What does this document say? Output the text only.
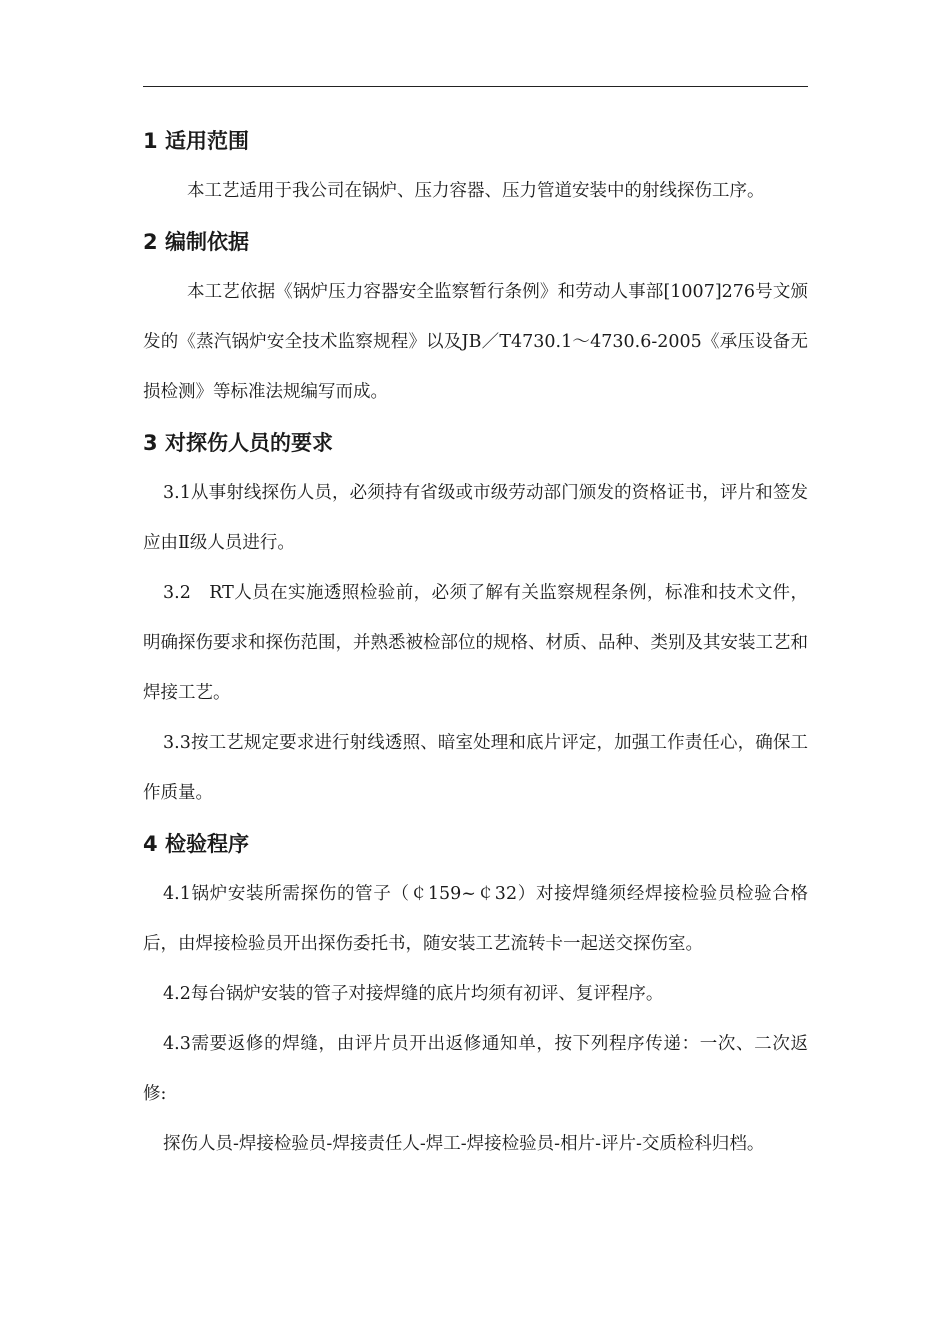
1 适用范围

本工艺适用于我公司在锅炉、压力容器、压力管道安装中的射线探伤工序。

2 编制依据

本工艺依据《锅炉压力容器安全监察暂行条例》和劳动人事部[1007]276号文颁发的《蒸汽锅炉安全技术监察规程》以及JB／T4730.1～4730.6-2005《承压设备无损检测》等标准法规编写而成。

3 对探伤人员的要求

3.1从事射线探伤人员，必须持有省级或市级劳动部门颁发的资格证书，评片和签发应由Ⅱ级人员进行。

3.2　RT人员在实施透照检验前，必须了解有关监察规程条例，标准和技术文件，明确探伤要求和探伤范围，并熟悉被检部位的规格、材质、品种、类别及其安装工艺和焊接工艺。

3.3按工艺规定要求进行射线透照、暗室处理和底片评定，加强工作责任心，确保工作质量。

4 检验程序

4.1锅炉安装所需探伤的管子（￠159~￠32）对接焊缝须经焊接检验员检验合格后，由焊接检验员开出探伤委托书，随安装工艺流转卡一起送交探伤室。

4.2每台锅炉安装的管子对接焊缝的底片均须有初评、复评程序。

4.3需要返修的焊缝，由评片员开出返修通知单，按下列程序传递：一次、二次返修:

探伤人员-焊接检验员-焊接责任人-焊工-焊接检验员-相片-评片-交质检科归档。
